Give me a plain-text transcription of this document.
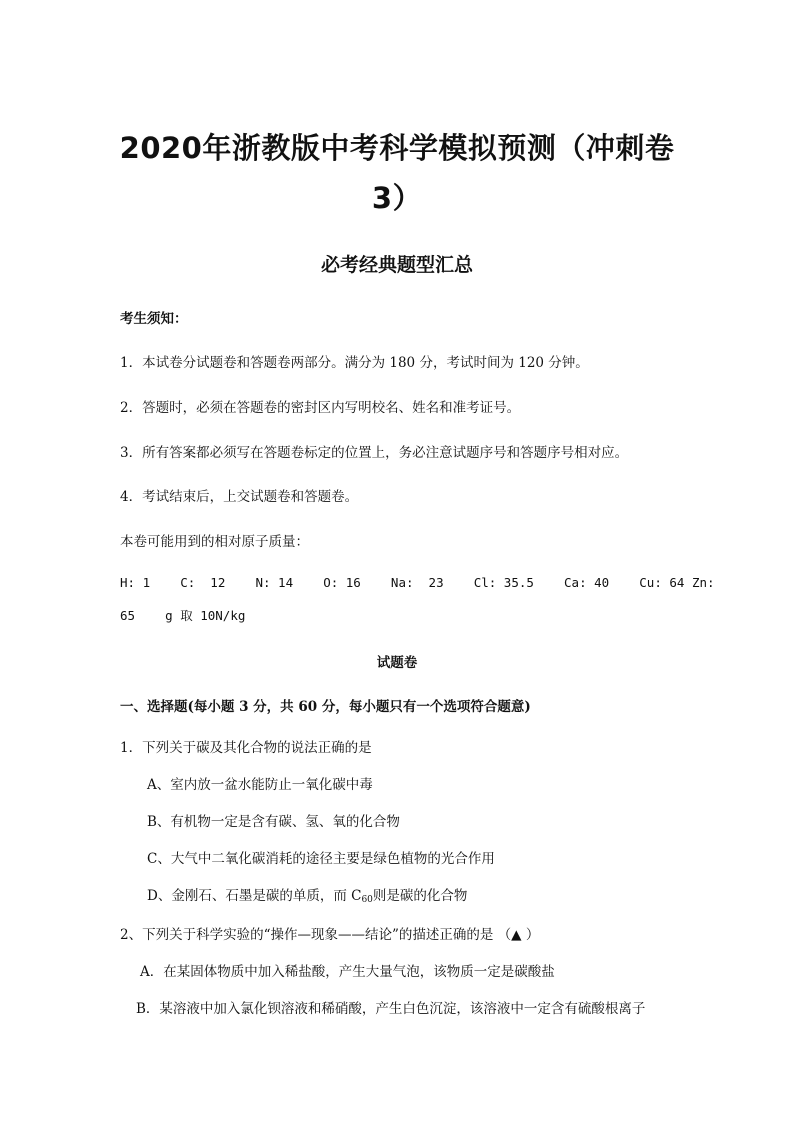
2020年浙教版中考科学模拟预测（冲刺卷
3）
必考经典题型汇总
考生须知：
1．本试卷分试题卷和答题卷两部分。满分为 180 分，考试时间为 120 分钟。
2．答题时，必须在答题卷的密封区内写明校名、姓名和准考证号。
3．所有答案都必须写在答题卷标定的位置上，务必注意试题序号和答题序号相对应。
4．考试结束后，上交试题卷和答题卷。
本卷可能用到的相对原子质量：
H: 1    C:  12    N: 14    O: 16    Na:  23    Cl: 35.5    Ca: 40    Cu: 64 Zn:
65    g 取 10N/kg
试题卷
一、选择题(每小题 3 分，共 60 分，每小题只有一个选项符合题意)
1．下列关于碳及其化合物的说法正确的是
A、室内放一盆水能防止一氧化碳中毒
B、有机物一定是含有碳、氢、氧的化合物
C、大气中二氧化碳消耗的途径主要是绿色植物的光合作用
D、金刚石、石墨是碳的单质，而 $C_{60}$则是碳的化合物
2、下列关于科学实验的“操作—现象——结论”的描述正确的是 （▲ ）
A．在某固体物质中加入稀盐酸，产生大量气泡，该物质一定是碳酸盐
B．某溶液中加入氯化钡溶液和稀硝酸，产生白色沉淀，该溶液中一定含有硫酸根离子
